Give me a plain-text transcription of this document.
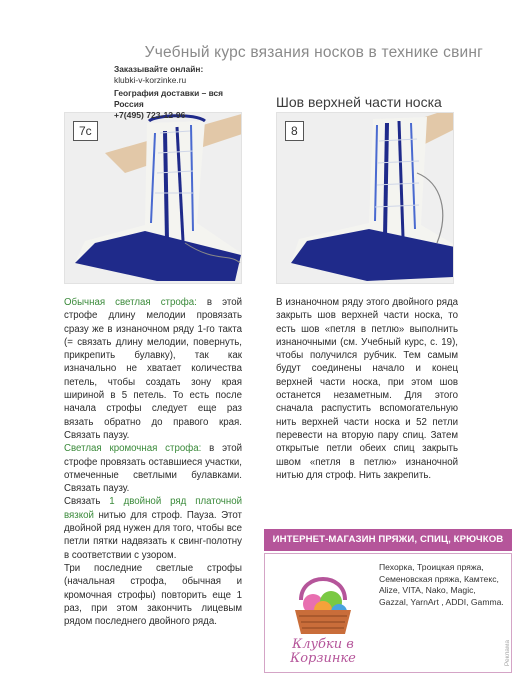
Учебный курс вязания носков в технике свинг
Шов верхней части носка
7c	8

Обычная светлая строфа: в этой строфе длину мелодии провязать сразу же в изнаночном ряду 1-го такта (= связать длину мелодии, повернуть, прикрепить булавку), так как изначально не хватает количества петель, чтобы создать зону края шириной в 5 петель. То есть после начала строфы следует еще раз вязать обратно до правого края. Связать паузу.

Светлая кромочная строфа: в этой строфе провязать оставшиеся участки, отмеченные светлыми булавками. Связать паузу.

Связать 1 двойной ряд платочной вязкой нитью для строф. Пауза. Этот двойной ряд нужен для того, чтобы все петли пятки надвязать к свинг-полотну в соответствии с узором.

Три последние светлые строфы (начальная строфа, обычная и кромочная строфы) повторить еще 1 раз, при этом закончить лицевым рядом последнего двойного ряда.

В изнаночном ряду этого двойного ряда закрыть шов верхней части носка, то есть шов «петля в петлю» выполнить изнаночными (см. Учебный курс, с. 19), чтобы получился рубчик. Тем самым будут соединены начало и конец верхней части носка, при этом шов останется незаметным. Для этого сначала распустить вспомогательную нить верхней части носка и 52 петли перевести на вторую пару спиц. Затем открытые петли обеих спиц закрыть швом «петля в петлю» изнаночной нитью для строф. Нить закрепить.

ИНТЕРНЕТ-МАГАЗИН ПРЯЖИ, СПИЦ, КРЮЧКОВ
Клубки в
Корзинке
Пехорка, Троицкая пряжа, Семеновская пряжа, Камтекс, Alize, VITA, Nako, Magic, Gazzal, YarnArt , ADDI, Gamma.
Заказывайте онлайн:
klubki-v-korzinke.ru
География доставки – вся Россия
+7(495) 723-12-96
Реклама
